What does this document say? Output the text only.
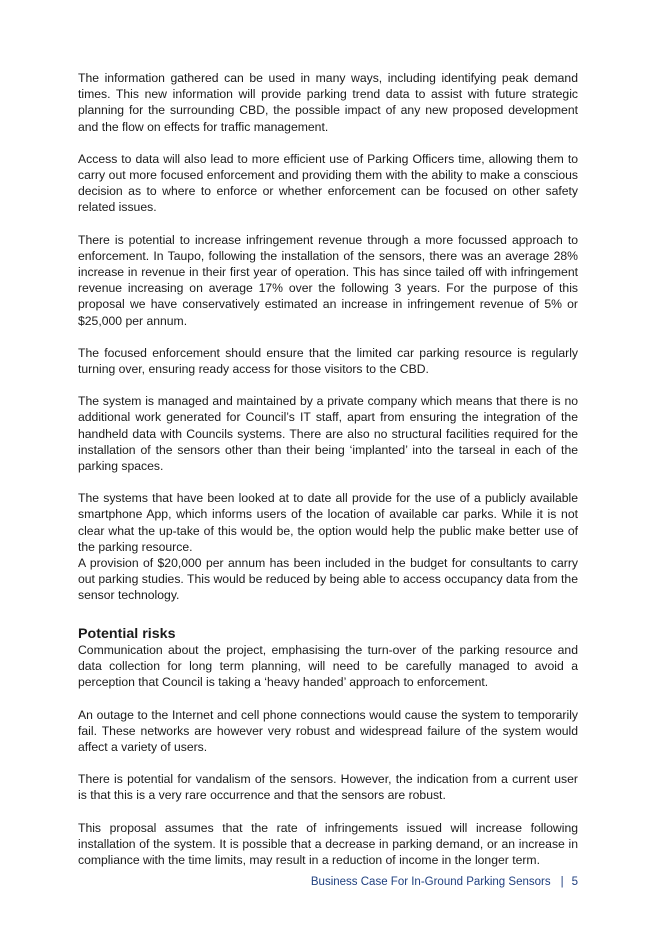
The information gathered can be used in many ways, including identifying peak demand times. This new information will provide parking trend data to assist with future strategic planning for the surrounding CBD, the possible impact of any new proposed development and the flow on effects for traffic management.

Access to data will also lead to more efficient use of Parking Officers time, allowing them to carry out more focused enforcement and providing them with the ability to make a conscious decision as to where to enforce or whether enforcement can be focused on other safety related issues.

There is potential to increase infringement revenue through a more focussed approach to enforcement. In Taupo, following the installation of the sensors, there was an average 28% increase in revenue in their first year of operation. This has since tailed off with infringement revenue increasing on average 17% over the following 3 years. For the purpose of this proposal we have conservatively estimated an increase in infringement revenue of 5% or $25,000 per annum.

The focused enforcement should ensure that the limited car parking resource is regularly turning over, ensuring ready access for those visitors to the CBD.

The system is managed and maintained by a private company which means that there is no additional work generated for Council’s IT staff, apart from ensuring the integration of the handheld data with Councils systems. There are also no structural facilities required for the installation of the sensors other than their being ‘implanted’ into the tarseal in each of the parking spaces.

The systems that have been looked at to date all provide for the use of a publicly available smartphone App, which informs users of the location of available car parks. While it is not clear what the up-take of this would be, the option would help the public make better use of the parking resource.

A provision of $20,000 per annum has been included in the budget for consultants to carry out parking studies. This would be reduced by being able to access occupancy data from the sensor technology.

Potential risks

Communication about the project, emphasising the turn-over of the parking resource and data collection for long term planning, will need to be carefully managed to avoid a perception that Council is taking a ‘heavy handed’ approach to enforcement.

An outage to the Internet and cell phone connections would cause the system to temporarily fail. These networks are however very robust and widespread failure of the system would affect a variety of users.

There is potential for vandalism of the sensors. However, the indication from a current user is that this is a very rare occurrence and that the sensors are robust.

This proposal assumes that the rate of infringements issued will increase following installation of the system. It is possible that a decrease in parking demand, or an increase in compliance with the time limits, may result in a reduction of income in the longer term.

Business Case For In-Ground Parking Sensors | 5
